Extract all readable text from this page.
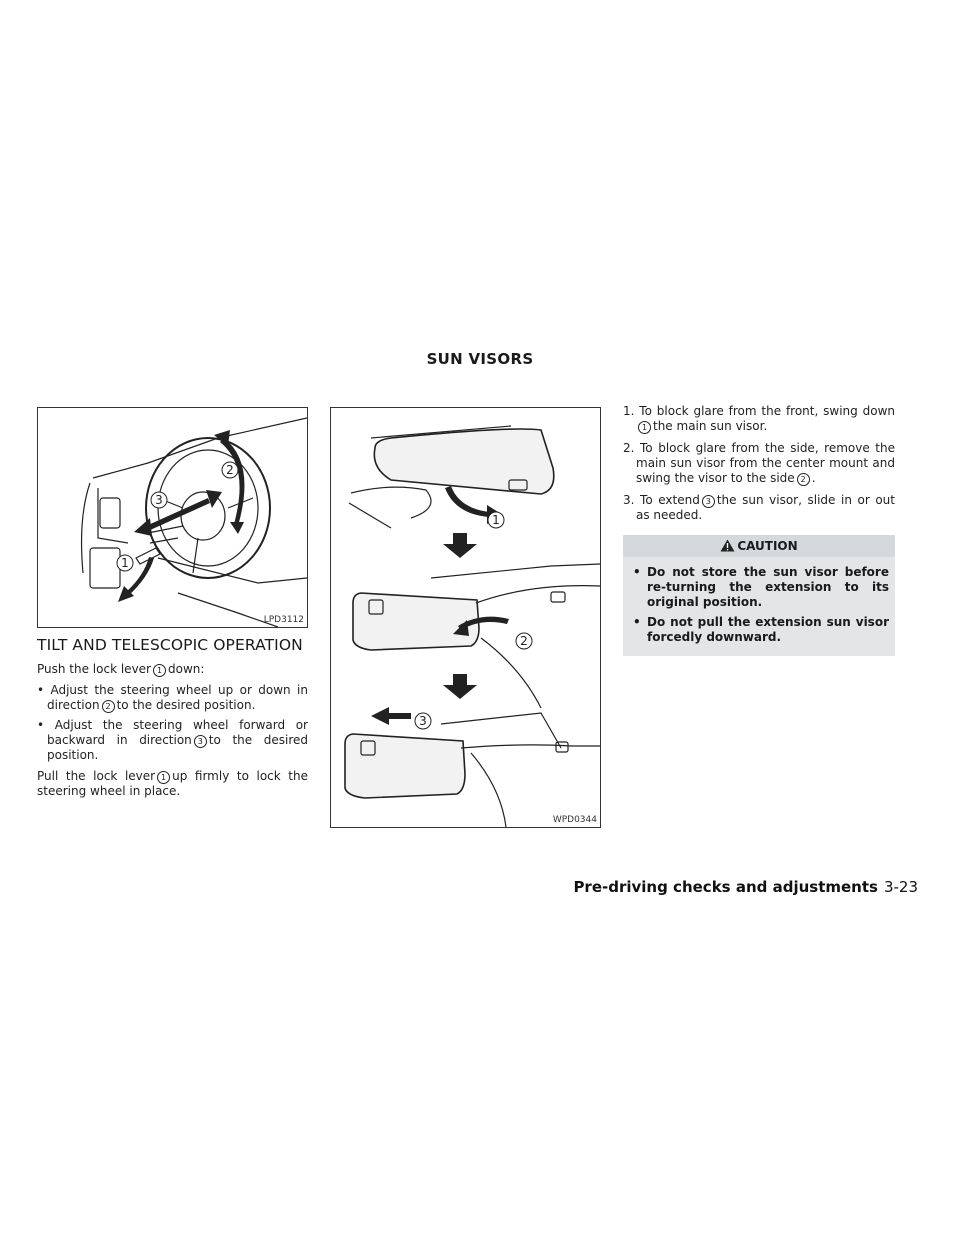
SUN VISORS
1
2
3
LPD3112
1
2
3
WPD0344
TILT AND TELESCOPIC OPERATION

Push the lock lever 1 down:

• Adjust the steering wheel up or down in direction 2 to the desired position.
• Adjust the steering wheel forward or backward in direction 3 to the desired position.

Pull the lock lever 1 up firmly to lock the steering wheel in place.

1. To block glare from the front, swing down1 the main sun visor.
2. To block glare from the side, remove the main sun visor from the center mount and swing the visor to the side 2 .
3. To extend 3 the sun visor, slide in or out as needed.
CAUTION
• Do not store the sun visor before re-turning the extension to its original position.
• Do not pull the extension sun visor forcedly downward.
Pre-driving checks and adjustments 3-23
